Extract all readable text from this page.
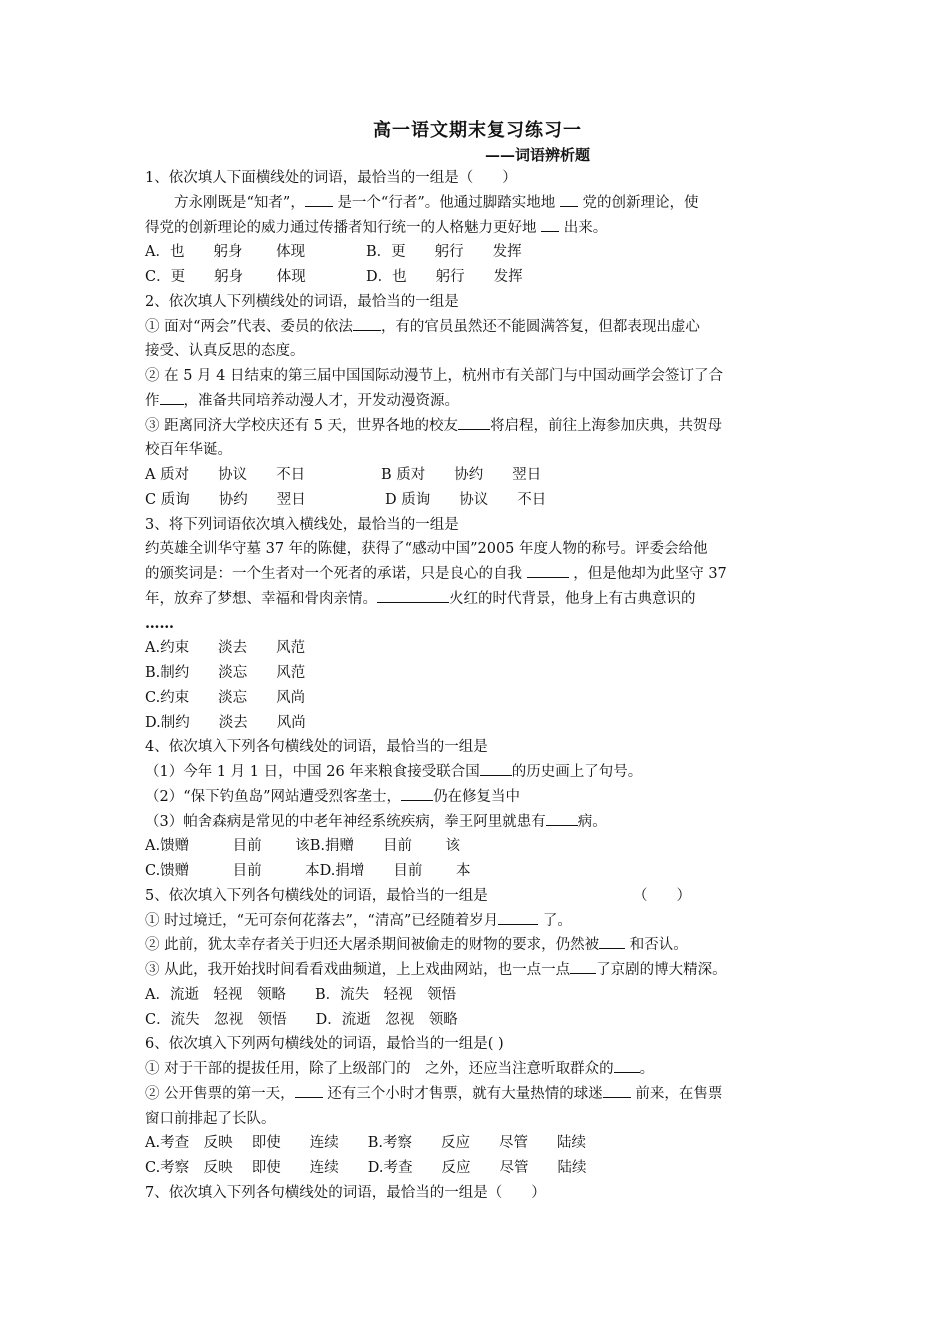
高一语文期末复习练习一
——词语辨析题
1、依次填人下面横线处的词语，最恰当的一组是（　　）
方永刚既是“知者”， 是一个“行者”。他通过脚踏实地地 党的创新理论，使
得党的创新理论的威力通过传播者知行统一的人格魅力更好地 出来。
A．也　　躬身　　 体现	B．更　　躬行　　发挥
C．更　　躬身　　 体现	D．也　　躬行　　发挥
2、依次填人下列横线处的词语，最恰当的一组是
① 面对“两会”代表、委员的依法 ，有的官员虽然还不能圆满答复，但都表现出虚心
接受、认真反思的态度。
② 在 5 月 4 日结束的第三届中国国际动漫节上，杭州市有关部门与中国动画学会签订了合
作 ，准备共同培养动漫人才，开发动漫资源。
③ 距离同济大学校庆还有 5 天，世界各地的校友 将启程，前往上海参加庆典，共贺母
校百年华诞。
A 质对　　协议　　不日	B 质对　　协约　　翌日
C 质询　　协约　　翌日	D 质询　　协议　　不日
3、将下列词语依次填入横线处，最恰当的一组是
约英雄全训华守墓 37 年的陈健，获得了“感动中国”2005 年度人物的称号。评委会给他
的颁奖词是：一个生者对一个死者的承诺，只是良心的自我	，但是他却为此坚守 37
年，放弃了梦想、幸福和骨肉亲情。	火红的时代背景，他身上有古典意识的
……
A.约束　　淡去　　风范
B.制约　　淡忘　　风范
C.约束　　淡忘　　风尚
D.制约　　淡去　　风尚
4、依次填入下列各句横线处的词语，最恰当的一组是
（1）今年 1 月 1 日，中国 26 年来粮食接受联合国 的历史画上了句号。
（2）“保下钓鱼岛”网站遭受烈客垄士， 仍在修复当中
（3）帕舍森病是常见的中老年神经系统疾病，拳王阿里就患有 病。
A.馈赠　　　目前　　 该B.捐赠　　目前　　 该
C.馈赠　　　目前　　　本D.捐增　　目前　　 本
5、依次填入下列各句横线处的词语，最恰当的一组是	（　　）
① 时过境迁，“无可奈何花落去”，“清高”已经随着岁月	了。
② 此前，犹太幸存者关于归还大屠杀期间被偷走的财物的要求，仍然被 和否认。
③ 从此，我开始找时间看看戏曲频道，上上戏曲网站，也一点一点 了京剧的博大精深。
A．流逝　轻视　领略　　B．流失　轻视　领悟
C．流失　忽视　领悟　　D．流逝　忽视　领略
6、依次填入下列两句横线处的词语，最恰当的一组是( )
① 对于干部的提拔任用，除了上级部门的　之外，还应当注意听取群众的 。
② 公开售票的第一天， 还有三个小时才售票，就有大量热情的球迷 前来，在售票
窗口前排起了长队。
A.考查　反映　 即使　　连续　　B.考察　　反应　　尽管　　陆续
C.考察　反映　 即使　　连续　　D.考查　　反应　　尽管　　陆续
7、依次填入下列各句横线处的词语，最恰当的一组是（　　）
